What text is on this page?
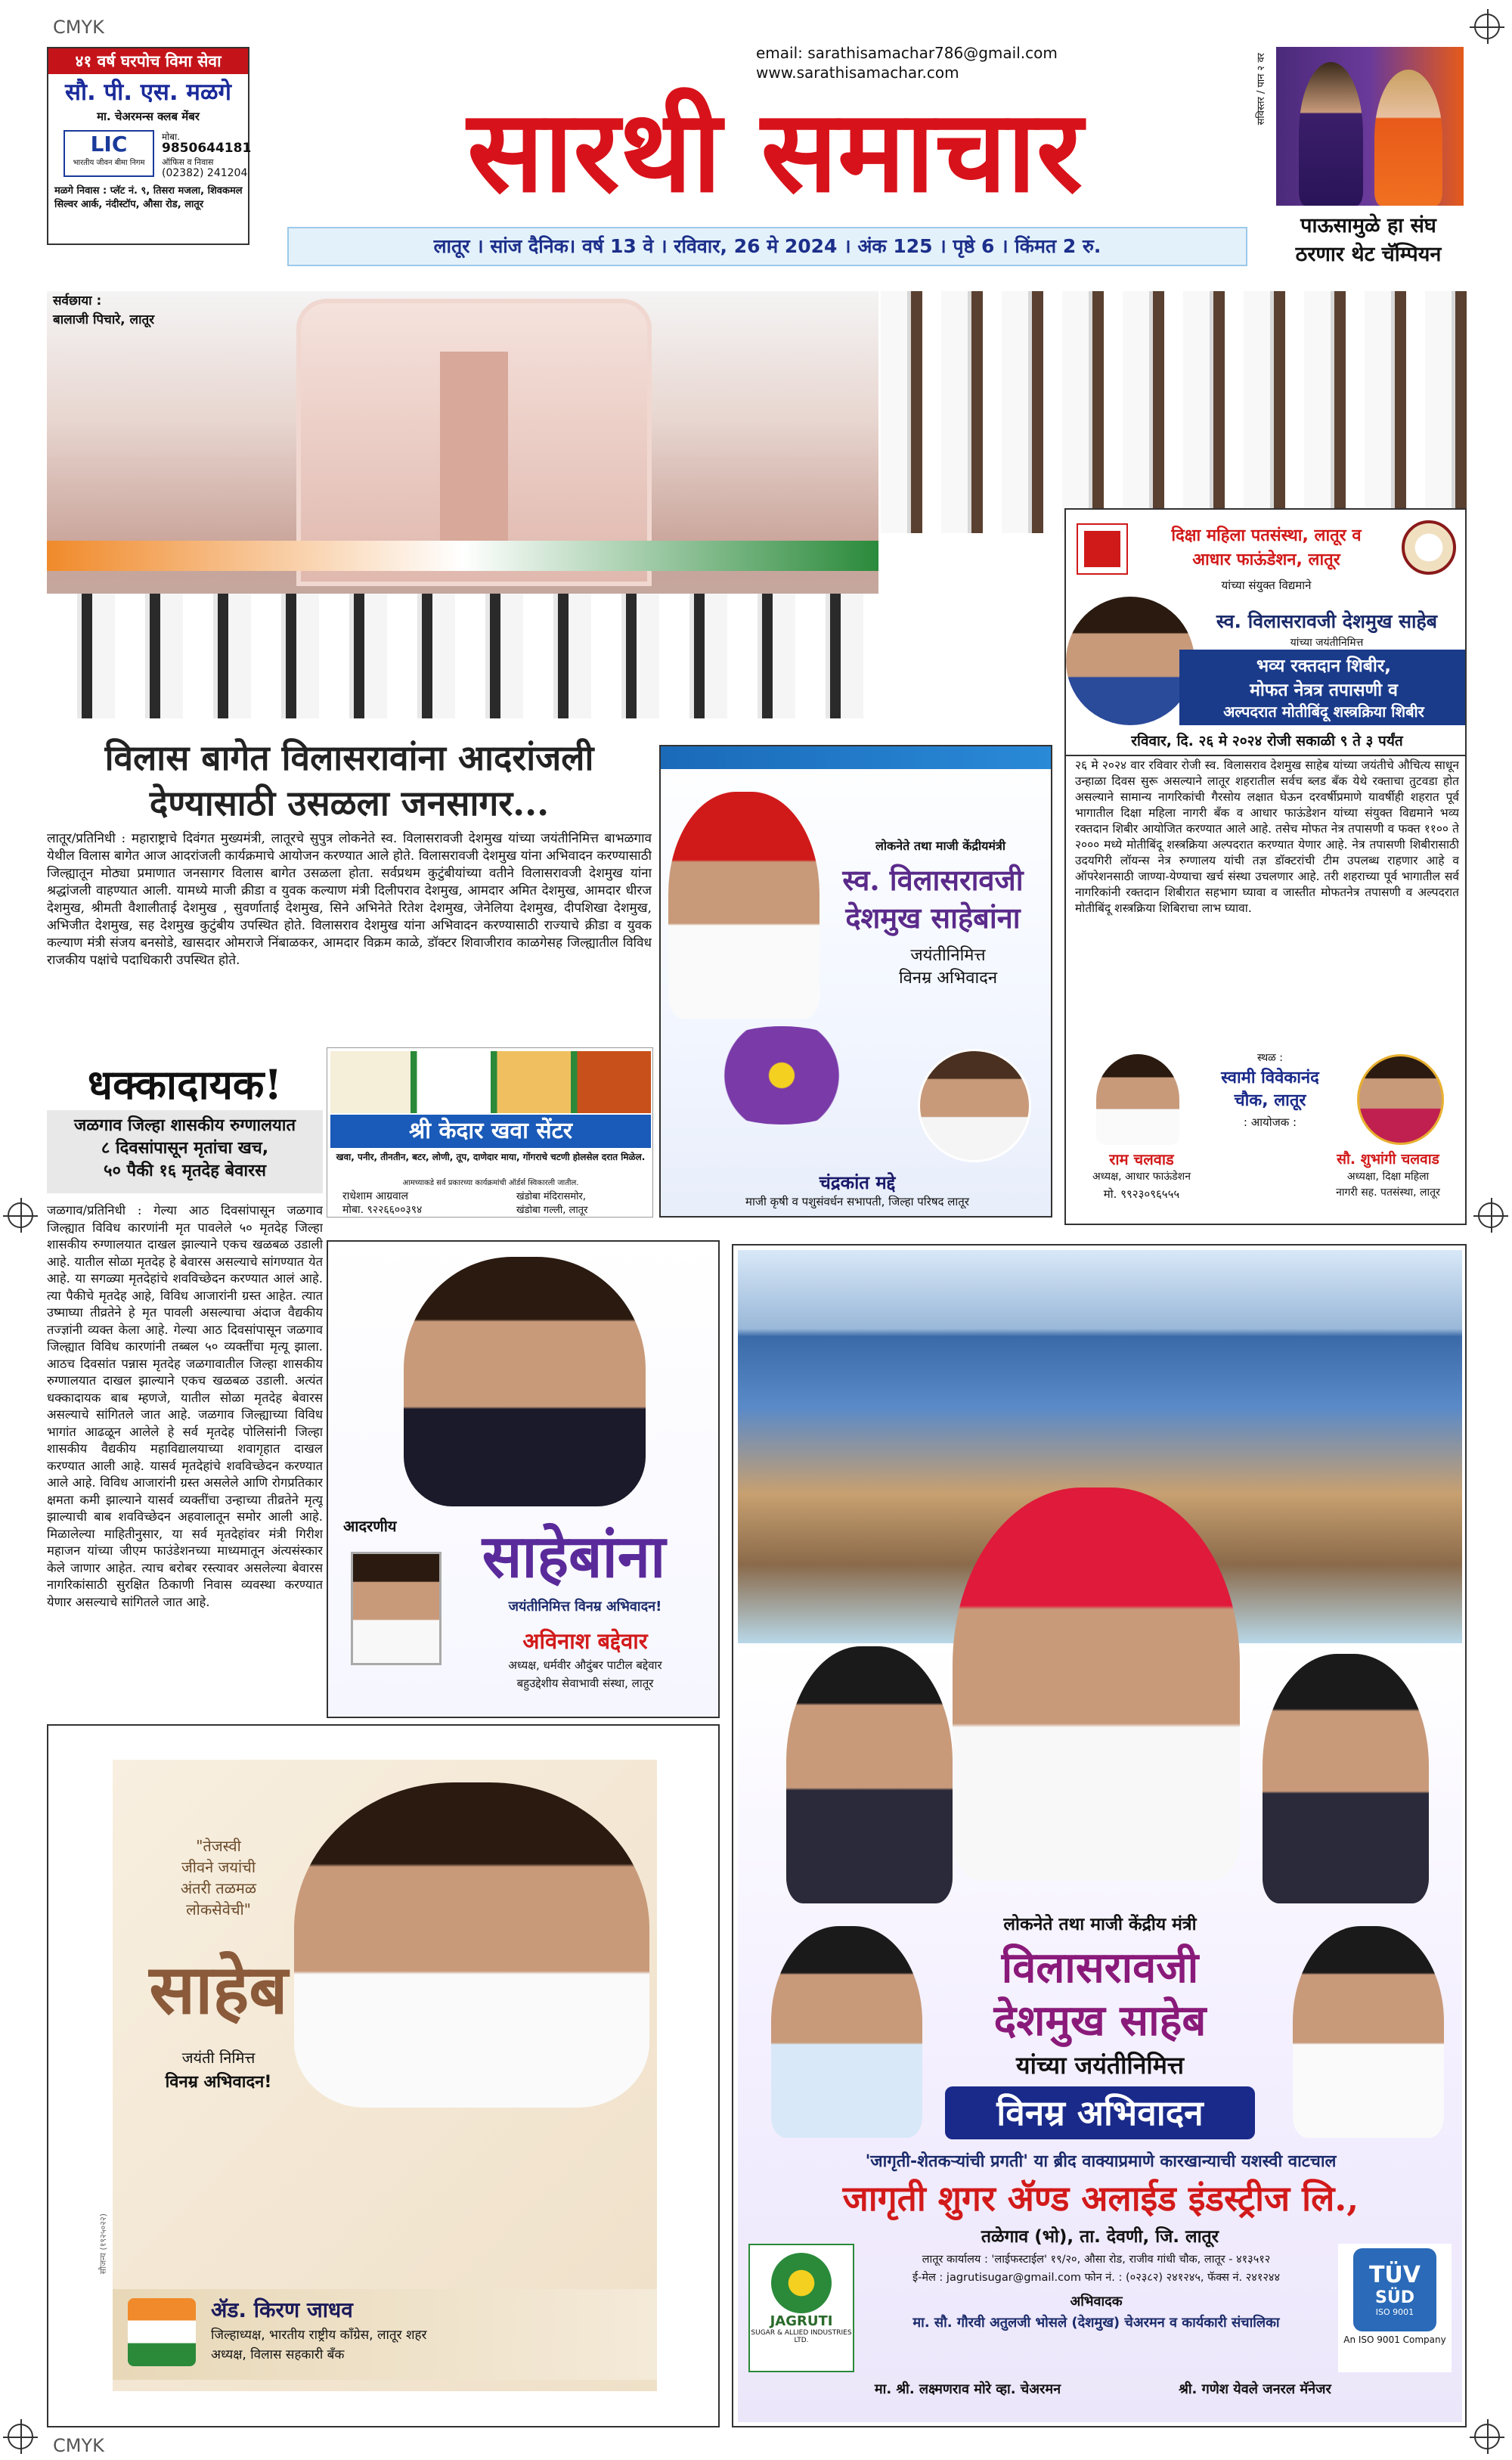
CMYK
CMYK
४१ वर्ष घरपोच विमा सेवा
सौ. पी. एस. मळगे
मा. चेअरमन्स क्लब मेंबर
LIC
भारतीय जीवन बीमा निगम
मोबा.
9850644181
ऑफिस व निवास
(02382) 241204
मळगे निवास : प्लॅट नं. ९, तिसरा मजला, शिवकमल सिल्वर आर्क, नंदीस्टॉप, औसा रोड, लातूर
email: sarathisamachar786@gmail.com
www.sarathisamachar.com
सारथी समाचार
लातूर । सांज दैनिक। वर्ष 13 वे । रविवार, 26 मे 2024 । अंक 125 । पृष्ठे 6 । किंमत 2 रु.
सविस्तर / पान २ वर
पाऊसामुळे हा संघ
ठरणार थेट चॅम्पियन
सर्वछाया :
बालाजी पिचारे, लातूर
विलास बागेत विलासरावांना आदरांजली
देण्यासाठी उसळला जनसागर...
लातूर/प्रतिनिधी : महाराष्ट्राचे दिवंगत मुख्यमंत्री, लातूरचे सुपुत्र लोकनेते स्व. विलासरावजी देशमुख यांच्या जयंतीनिमित्त बाभळगाव येथील विलास बागेत आज आदरांजली कार्यक्रमाचे आयोजन करण्यात आले होते. विलासरावजी देशमुख यांना अभिवादन करण्यासाठी जिल्ह्यातून मोठ्या प्रमाणात जनसागर विलास बागेत उसळला होता. सर्वप्रथम कुटुंबीयांच्या वतीने विलासरावजी देशमुख यांना श्रद्धांजली वाहण्यात आली. यामध्ये माजी क्रीडा व युवक कल्याण मंत्री दिलीपराव देशमुख, आमदार अमित देशमुख, आमदार धीरज देशमुख, श्रीमती वैशालीताई देशमुख , सुवर्णाताई देशमुख, सिने अभिनेते रितेश देशमुख, जेनेलिया देशमुख, दीपशिखा देशमुख, अभिजीत देशमुख, सह देशमुख कुटुंबीय उपस्थित होते. विलासराव देशमुख यांना अभिवादन करण्यासाठी राज्याचे क्रीडा व युवक कल्याण मंत्री संजय बनसोडे, खासदार ओमराजे निंबाळकर, आमदार विक्रम काळे, डॉक्टर शिवाजीराव काळगेसह जिल्ह्यातील विविध राजकीय पक्षांचे पदाधिकारी उपस्थित होते.
लोकनेते तथा माजी केंद्रीयमंत्री
स्व. विलासरावजी
देशमुख साहेबांना
जयंतीनिमित्त
विनम्र अभिवादन
चंद्रकांत मद्दे
माजी कृषी व पशुसंवर्धन सभापती, जिल्हा परिषद लातूर
दिक्षा महिला पतसंस्था, लातूर व
आधार फाऊंडेशन, लातूर
यांच्या संयुक्त विद्यमाने
स्व. विलासरावजी देशमुख साहेब
यांच्या जयंतीनिमित्त
भव्य रक्तदान शिबीर,
मोफत नेत्रत्र तपासणी व
अल्पदरात मोतीबिंदू शस्त्रक्रिया शिबीर
रविवार, दि. २६ मे २०२४ रोजी सकाळी ९ ते ३ पर्यंत
२६ मे २०२४ वार रविवार रोजी स्व. विलासराव देशमुख साहेब यांच्या जयंतीचे औचित्य साधून उन्हाळा दिवस सुरू असल्याने लातूर शहरातील सर्वच ब्लड बँक येथे रक्ताचा तुटवडा होत असल्याने सामान्य नागरिकांची गैरसोय लक्षात घेऊन दरवर्षीप्रमाणे यावर्षीही शहरात पूर्व भागातील दिक्षा महिला नागरी बँक व आधार फाऊंडेशन यांच्या संयुक्त विद्यमाने भव्य रक्तदान शिबीर आयोजित करण्यात आले आहे. तसेच मोफत नेत्र तपासणी व फक्त ११०० ते २००० मध्ये मोतीबिंदू शस्त्रक्रिया अल्पदरात करण्यात येणार आहे. नेत्र तपासणी शिबीरासाठी उदयगिरी लॉयन्स नेत्र रुग्णालय यांची तज्ञ डॉक्टरांची टीम उपलब्ध राहणार आहे व ऑपरेशनसाठी जाण्या-येण्याचा खर्च संस्था उचलणार आहे. तरी शहराच्या पूर्व भागातील सर्व नागरिकांनी रक्तदान शिबीरात सहभाग घ्यावा व जास्तीत मोफतनेत्र तपासणी व अल्पदरात मोतीबिंदू शस्त्रक्रिया शिबिराचा लाभ घ्यावा.
स्थळ :
स्वामी विवेकानंद
चौक, लातूर
: आयोजक :
राम चलवाड
अध्यक्ष, आधार फाऊंडेशन
मो. ९९२३०९६५५५
सौ. शुभांगी चलवाड
अध्यक्षा, दिक्षा महिला
नागरी सह. पतसंस्था, लातूर
धक्कादायक!
जळगाव जिल्हा शासकीय रुग्णालयात
८ दिवसांपासून मृतांचा खच,
५० पैकी १६ मृतदेह बेवारस
जळगाव/प्रतिनिधी : गेल्या आठ दिवसांपासून जळगाव जिल्ह्यात विविध कारणांनी मृत पावलेले ५० मृतदेह जिल्हा शासकीय रुग्णालयात दाखल झाल्याने एकच खळबळ उडाली आहे. यातील सोळा मृतदेह हे बेवारस असल्याचे सांगण्यात येत आहे. या सगळ्या मृतदेहांचे शवविच्छेदन करण्यात आलं आहे. त्या पैकीचे मृतदेह आहे, विविध आजारांनी ग्रस्त आहेत. त्यात उष्माघ्या तीव्रतेने हे मृत पावली असल्याचा अंदाज वैद्यकीय तज्ज्ञांनी व्यक्त केला आहे. गेल्या आठ दिवसांपासून जळगाव जिल्ह्यात विविध कारणांनी तब्बल ५० व्यक्तींचा मृत्यू झाला. आठच दिवसांत पन्नास मृतदेह जळगावातील जिल्हा शासकीय रुग्णालयात दाखल झाल्याने एकच खळबळ उडाली. अत्यंत धक्कादायक बाब म्हणजे, यातील सोळा मृतदेह बेवारस असल्याचे सांगितले जात आहे. जळगाव जिल्ह्याच्या विविध भागांत आढळून आलेले हे सर्व मृतदेह पोलिसांनी जिल्हा शासकीय वैद्यकीय महाविद्यालयाच्या शवागृहात दाखल करण्यात आली आहे. यासर्व मृतदेहांचे शवविच्छेदन करण्यात आले आहे. विविध आजारांनी ग्रस्त असलेले आणि रोगप्रतिकार क्षमता कमी झाल्याने यासर्व व्यक्तींचा उन्हाच्या तीव्रतेने मृत्यू झाल्याची बाब शवविच्छेदन अहवालातून समोर आली आहे. मिळालेल्या माहितीनुसार, या सर्व मृतदेहांवर मंत्री गिरीश महाजन यांच्या जीएम फाउंडेशनच्या माध्यमातून अंत्यसंस्कार केले जाणार आहेत. त्याच बरोबर रस्त्यावर असलेल्या बेवारस नागरिकांसाठी सुरक्षित ठिकाणी निवास व्यवस्था करण्यात येणार असल्याचे सांगितले जात आहे.
श्री केदार खवा सेंटर
खवा, पनीर, तीनतीन, बटर, लोणी, तूप, दाणेदार माया, गोंगराचे चटणी होलसेल दरात मिळेल.
आमच्याकडे सर्व प्रकारच्या कार्यक्रमांची ऑर्डर्स स्विकारली जातील.
राधेशाम आग्रवाल
मोबा. ९२२६६००३९४
खंडोबा मंदिरासमोर,
खंडोबा गल्ली, लातूर
आदरणीय	साहेबांना
जयंतीनिमित्त विनम्र अभिवादन!
अविनाश बद्देवार
अध्यक्ष, धर्मवीर औदुंबर पाटील बद्देवार
बहुउद्देशीय सेवाभावी संस्था, लातूर
"तेजस्वी
जीवने जयांची
अंतरी तळमळ
लोकसेवेची"
साहेब
जयंती निमित्त
विनम्र अभिवादन!
ॲड. किरण जाधव
जिल्हाध्यक्ष, भारतीय राष्ट्रीय काँग्रेस, लातूर शहर
अध्यक्ष, विलास सहकारी बँक
सौजन्य (१९२५०२२)
लोकनेते तथा माजी केंद्रीय मंत्री
विलासरावजी
देशमुख साहेब
यांच्या जयंतीनिमित्त
विनम्र अभिवादन
'जागृती-शेतकऱ्यांची प्रगती' या ब्रीद वाक्याप्रमाणे कारखान्याची यशस्वी वाटचाल
जागृती शुगर ॲण्ड अलाईड इंडस्ट्रीज लि.,
तळेगाव (भो), ता. देवणी, जि. लातूर
JAGRUTI
SUGAR & ALLIED INDUSTRIES LTD.
TÜV
SÜD
ISO 9001
An ISO 9001 Company
लातूर कार्यालय : 'लाईफस्टाईल' १९/२०, औसा रोड, राजीव गांधी चौक, लातूर - ४१३५१२
ई-मेल : jagrutisugar@gmail.com फोन नं. : (०२३८२) २४१२४५, फॅक्स नं. २४१२४४
अभिवादक
मा. सौ. गौरवी अतुलजी भोसले (देशमुख) चेअरमन व कार्यकारी संचालिका
मा. श्री. लक्ष्मणराव मोरे व्हा. चेअरमन	श्री. गणेश येवले जनरल मॅनेजर
